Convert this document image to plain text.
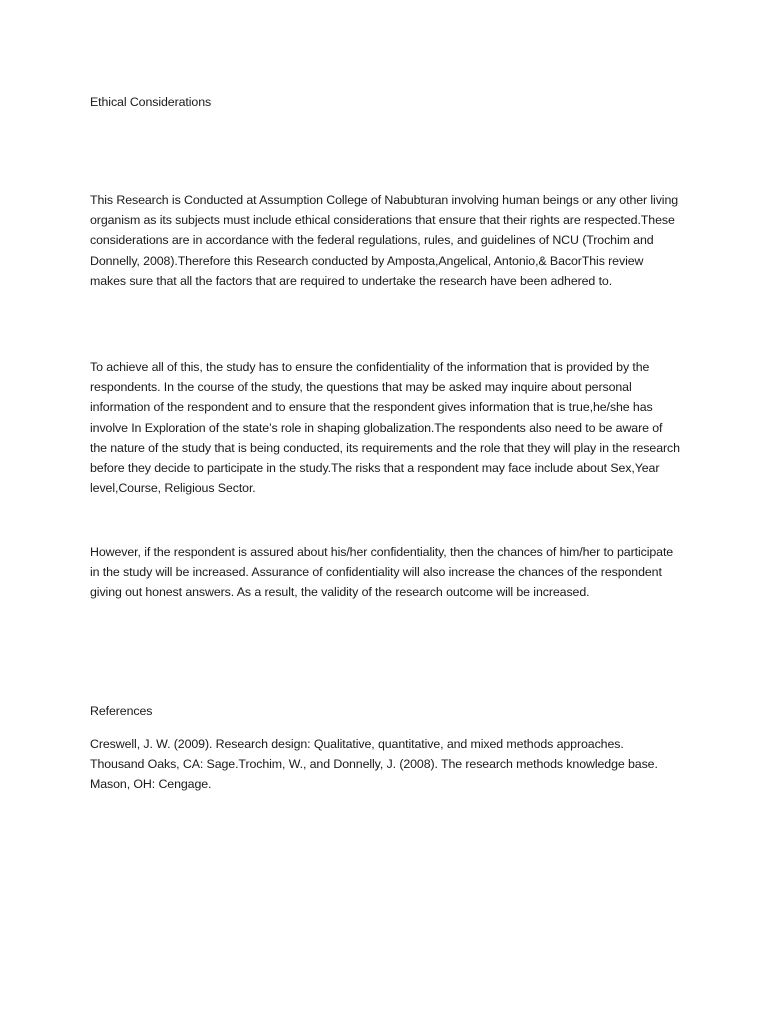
Ethical Considerations

This Research is Conducted at Assumption College of Nabubturan involving human beings or any other living organism as its subjects must include ethical considerations that ensure that their rights are respected.These considerations are in accordance with the federal regulations, rules, and guidelines of NCU (Trochim and Donnelly, 2008).Therefore this Research conducted by Amposta,Angelical, Antonio,& BacorThis review makes sure that all the factors that are required to undertake the research have been adhered to.

To achieve all of this, the study has to ensure the confidentiality of the information that is provided by the respondents. In the course of the study, the questions that may be asked may inquire about personal information of the respondent and to ensure that the respondent gives information that is true,he/she has involve In Exploration of the state’s role in shaping globalization.The respondents also need to be aware of the nature of the study that is being conducted, its requirements and the role that they will play in the research before they decide to participate in the study.The risks that a respondent may face include about Sex,Year level,Course, Religious Sector.

However, if the respondent is assured about his/her confidentiality, then the chances of him/her to participate in the study will be increased. Assurance of confidentiality will also increase the chances of the respondent giving out honest answers. As a result, the validity of the research outcome will be increased.

References

Creswell, J. W. (2009). Research design: Qualitative, quantitative, and mixed methods approaches. Thousand Oaks, CA: Sage.Trochim, W., and Donnelly, J. (2008). The research methods knowledge base. Mason, OH: Cengage.
